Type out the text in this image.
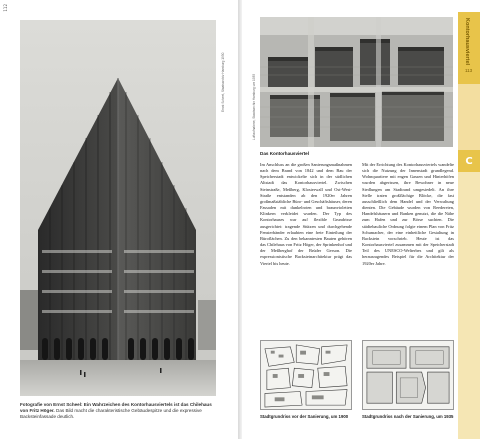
112
Ernst Scheel, Staatsarchiv Hamburg 1930
Fotografie von Ernst Scheel: Ein Wahrzeichen des Kontorhausviertels ist das Chilehaus von Fritz Höger. Das Bild macht die charakteristische Gebäudespitze und die expressive Backsteinfassade deutlich.
Kontorhausviertel
113
C
Luftaufnahme, Staatsarchiv Hamburg um 1935
Das Kontorhausviertel
Im Anschluss an die großen Sanierungsmaßnahmen nach dem Brand von 1842 und dem Bau der Speicherstadt entwickelte sich in der südlichen Altstadt das Kontorhausviertel. Zwischen Steinstraße, Meßberg, Klosterwall und Ost-West-Straße entstanden ab den 1920er Jahren großmaßstäbliche Büro- und Geschäftshäuser, deren Fassaden mit dunkelroten und braunvioletten Klinkern verkleidet wurden. Der Typ des Kontorhauses war auf flexible Grundrisse ausgerichtet: tragende Stützen und durchgehende Fensterbänder erlaubten eine freie Einteilung der Büroflächen. Zu den bekanntesten Bauten gehören das Chilehaus von Fritz Höger, der Sprinkenhof und der Meßberghof der Brüder Gerson. Die expressionistische Backsteinarchitektur prägt das Viertel bis heute.
Mit der Errichtung des Kontorhausviertels wandelte sich die Nutzung der Innenstadt grundlegend. Wohnquartiere mit engen Gassen und Hinterhöfen wurden abgerissen, ihre Bewohner in neue Siedlungen am Stadtrand umgesiedelt. An ihre Stelle traten großflächige Blöcke, die fast ausschließlich dem Handel und der Verwaltung dienten. Die Gebäude wurden von Reedereien, Handelshäusern und Banken genutzt, die die Nähe zum Hafen und zur Börse suchten. Die städtebauliche Ordnung folgte einem Plan von Fritz Schumacher, der eine einheitliche Gestaltung in Backstein vorschrieb. Heute ist das Kontorhausviertel zusammen mit der Speicherstadt Teil des UNESCO-Welterbes und gilt als herausragendes Beispiel für die Architektur der 1920er Jahre.
Stadtgrundriss vor der Sanierung, um 1900	Stadtgrundriss nach der Sanierung, um 1935
